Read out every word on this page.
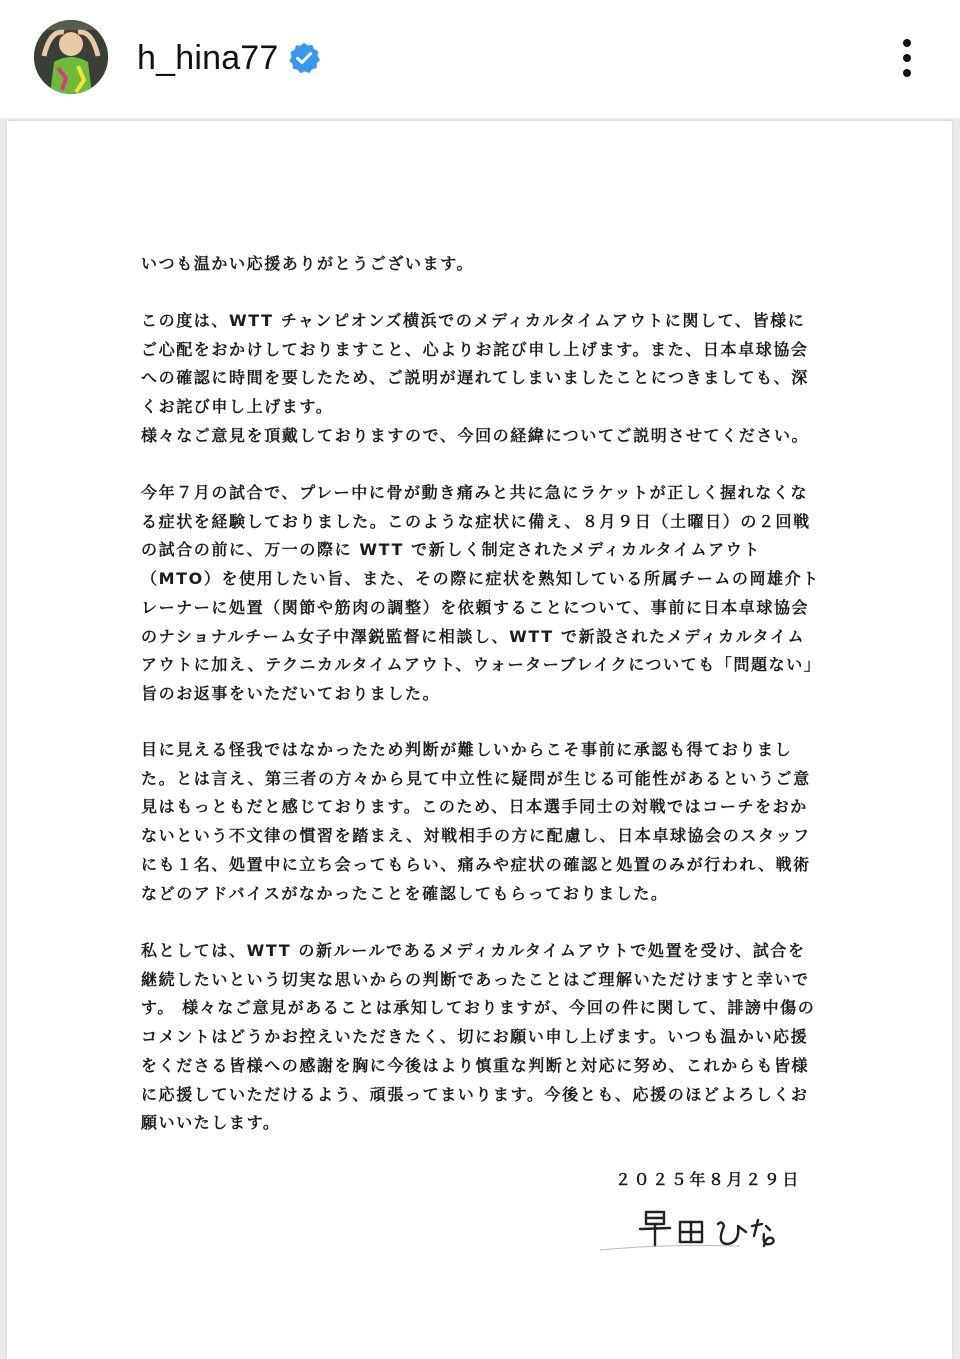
h_hina77

いつも温かい応援ありがとうございます。

この度は、WTT チャンピオンズ横浜でのメディカルタイムアウトに関して、皆様にご心配をおかけしておりますこと、心よりお詫び申し上げます。また、日本卓球協会への確認に時間を要したため、ご説明が遅れてしまいましたことにつきましても、深くお詫び申し上げます。
様々なご意見を頂戴しておりますので、今回の経緯についてご説明させてください。

今年７月の試合で、プレー中に骨が動き痛みと共に急にラケットが正しく握れなくなる症状を経験しておりました。このような症状に備え、８月９日（土曜日）の２回戦の試合の前に、万一の際に WTT で新しく制定されたメディカルタイムアウト（MTO）を使用したい旨、また、その際に症状を熟知している所属チームの岡雄介トレーナーに処置（関節や筋肉の調整）を依頼することについて、事前に日本卓球協会のナショナルチーム女子中澤鋭監督に相談し、WTT で新設されたメディカルタイムアウトに加え、テクニカルタイムアウト、ウォーターブレイクについても「問題ない」旨のお返事をいただいておりました。

目に見える怪我ではなかったため判断が難しいからこそ事前に承認も得ておりました。とは言え、第三者の方々から見て中立性に疑問が生じる可能性があるというご意見はもっともだと感じております。このため、日本選手同士の対戦ではコーチをおかないという不文律の慣習を踏まえ、対戦相手の方に配慮し、日本卓球協会のスタッフにも１名、処置中に立ち会ってもらい、痛みや症状の確認と処置のみが行われ、戦術などのアドバイスがなかったことを確認してもらっておりました。

私としては、WTT の新ルールであるメディカルタイムアウトで処置を受け、試合を継続したいという切実な思いからの判断であったことはご理解いただけますと幸いです。 様々なご意見があることは承知しておりますが、今回の件に関して、誹謗中傷のコメントはどうかお控えいただきたく、切にお願い申し上げます。いつも温かい応援をくださる皆様への感謝を胸に今後はより慎重な判断と対応に努め、これからも皆様に応援していただけるよう、頑張ってまいります。今後とも、応援のほどよろしくお願いいたします。

２０２５年８月２９日
